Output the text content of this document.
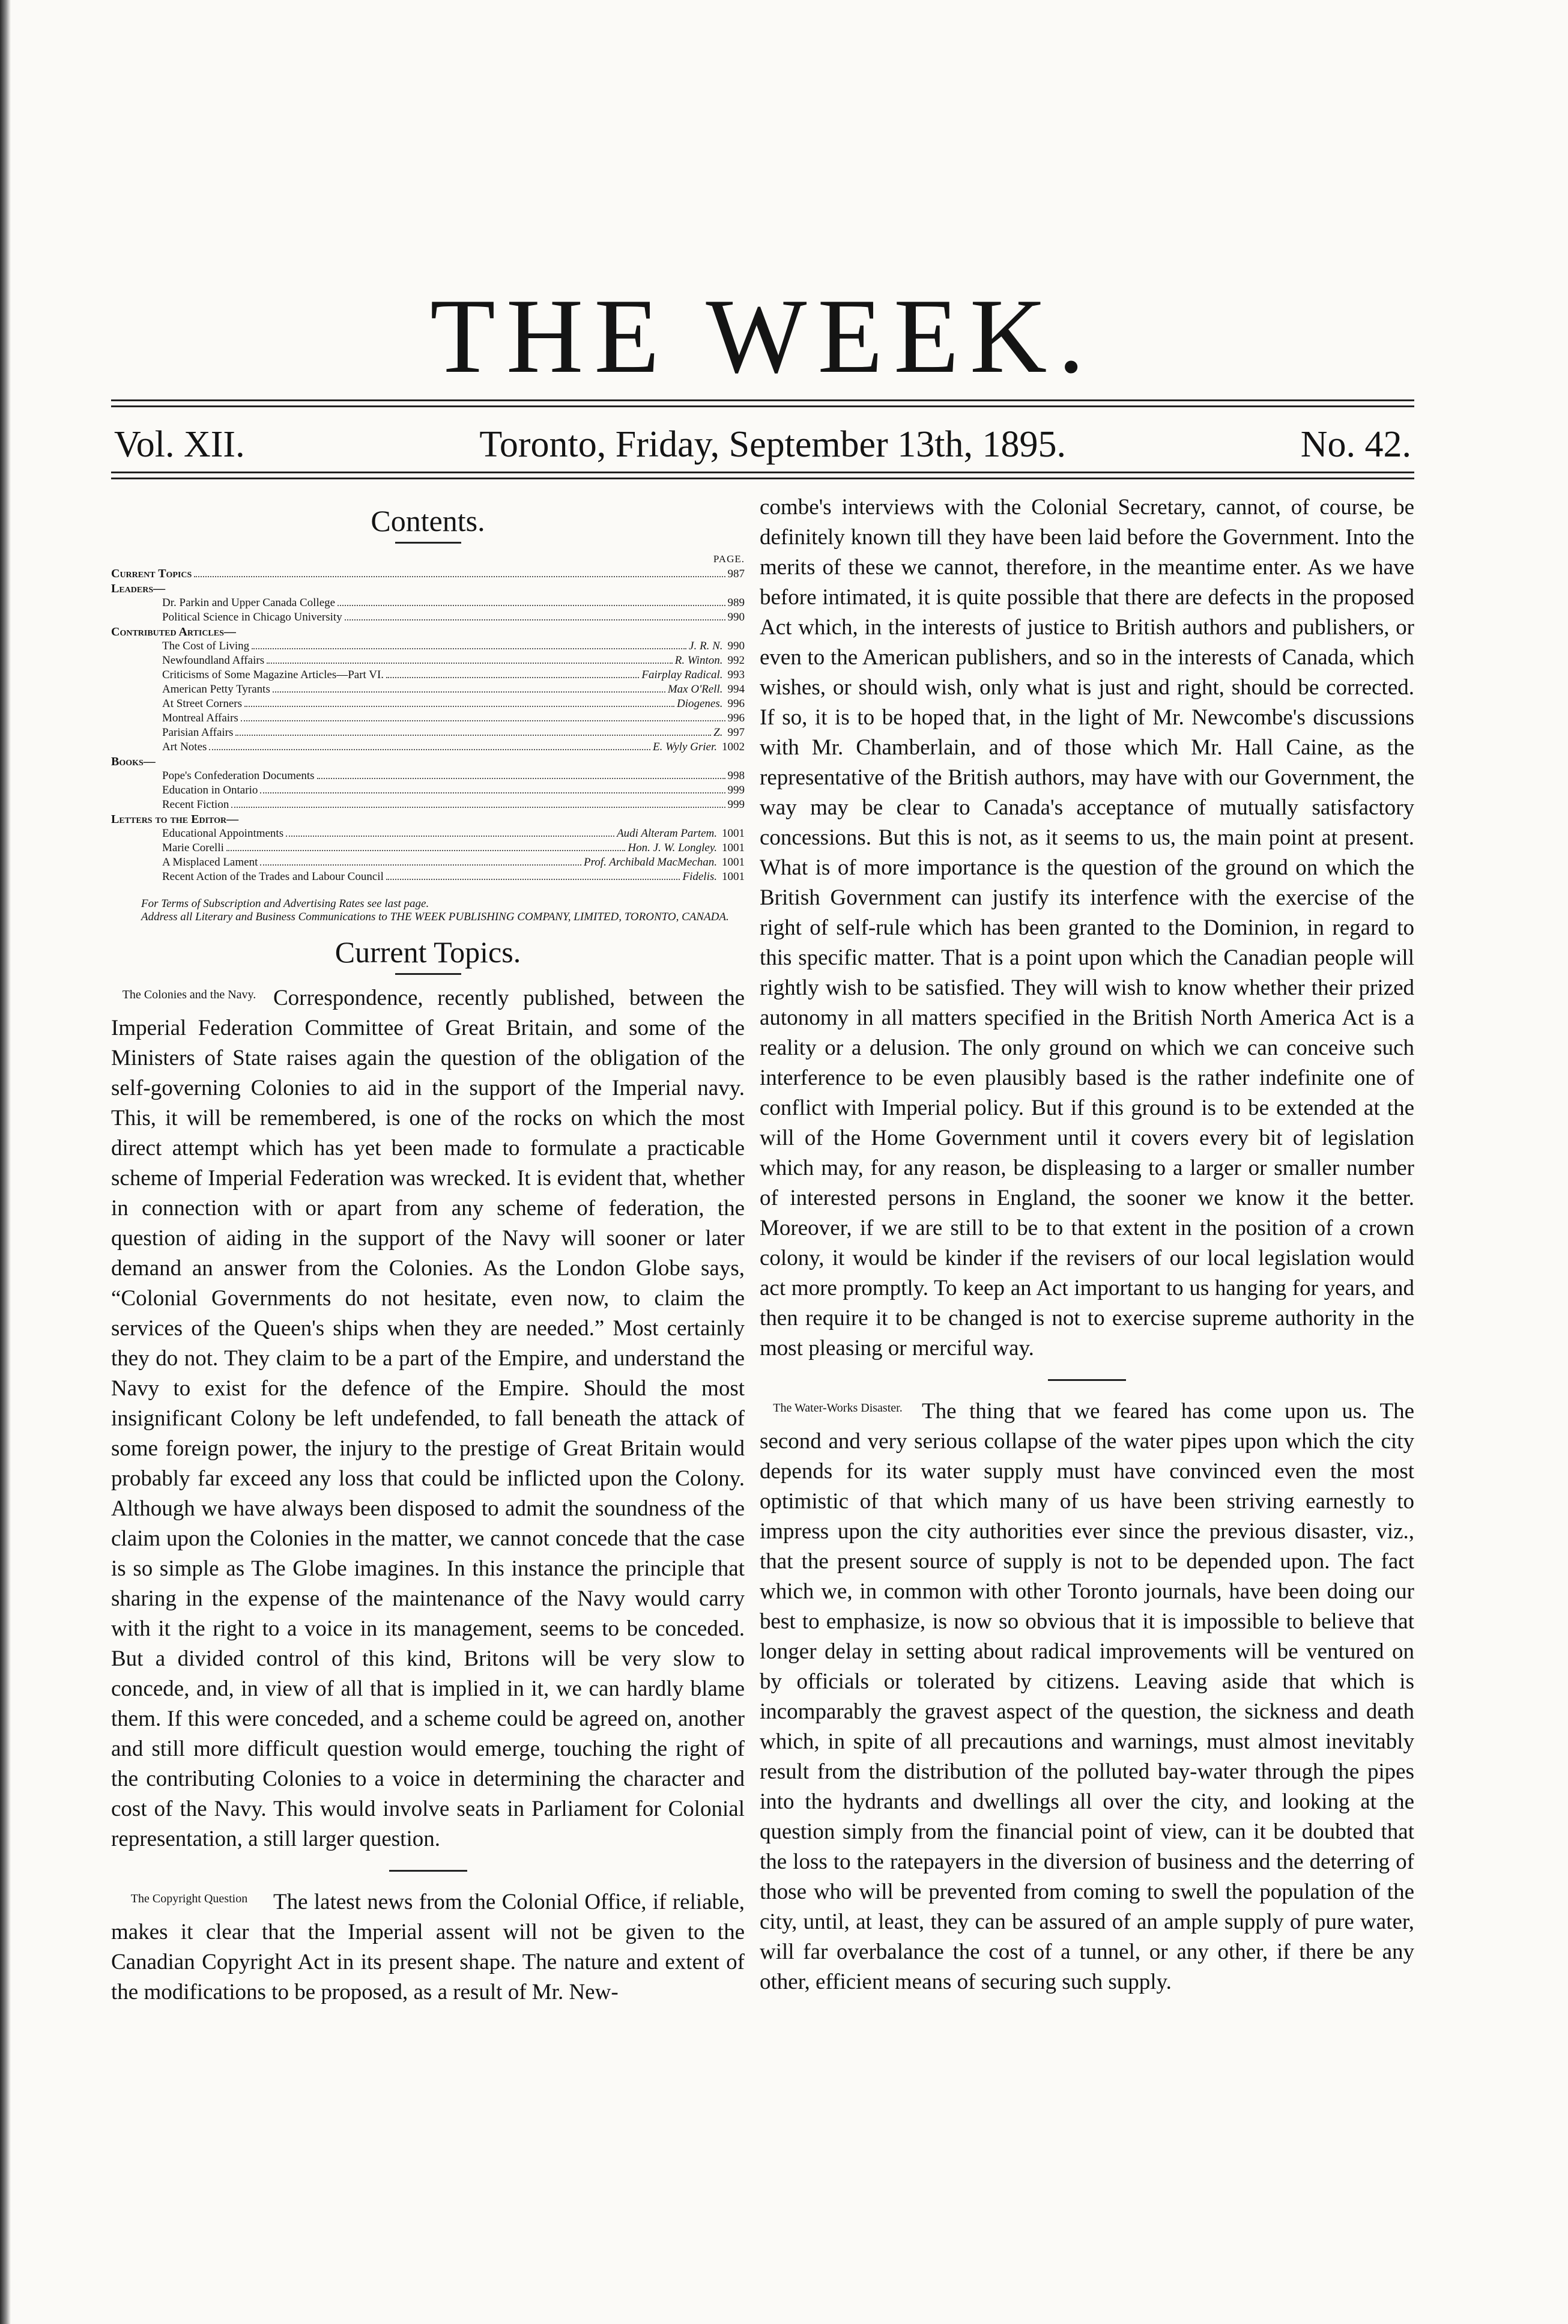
THE WEEK.
Vol. XII.	Toronto, Friday, September 13th, 1895.	No. 42.
Contents.
PAGE.
Current Topics	987
Leaders—
Dr. Parkin and Upper Canada College	989
Political Science in Chicago University	990
Contributed Articles—
The Cost of Living	J. R. N. 990
Newfoundland Affairs	R. Winton. 992
Criticisms of Some Magazine Articles—Part VI.	Fairplay Radical. 993
American Petty Tyrants	Max O'Rell. 994
At Street Corners	Diogenes. 996
Montreal Affairs	996
Parisian Affairs	Z. 997
Art Notes	E. Wyly Grier. 1002
Books—
Pope's Confederation Documents	998
Education in Ontario	999
Recent Fiction	999
Letters to the Editor—
Educational Appointments	Audi Alteram Partem. 1001
Marie Corelli	Hon. J. W. Longley. 1001
A Misplaced Lament	Prof. Archibald MacMechan. 1001
Recent Action of the Trades and Labour Council	Fidelis. 1001
For Terms of Subscription and Advertising Rates see last page.
Address all Literary and Business Communications to THE WEEK PUBLISHING COMPANY, LIMITED, TORONTO, CANADA.
Current Topics.
The Colonies and the Navy. Correspondence, recently published, between the Imperial Federation Committee of Great Britain, and some of the Ministers of State raises again the question of the obligation of the self-governing Colonies to aid in the support of the Imperial navy. This, it will be remembered, is one of the rocks on which the most direct attempt which has yet been made to formulate a practicable scheme of Imperial Federation was wrecked. It is evident that, whether in connection with or apart from any scheme of federation, the question of aiding in the support of the Navy will sooner or later demand an answer from the Colonies. As the London Globe says, “Colonial Governments do not hesitate, even now, to claim the services of the Queen's ships when they are needed.” Most certainly they do not. They claim to be a part of the Empire, and understand the Navy to exist for the defence of the Empire. Should the most insignificant Colony be left undefended, to fall beneath the attack of some foreign power, the injury to the prestige of Great Britain would probably far exceed any loss that could be inflicted upon the Colony. Although we have always been disposed to admit the soundness of the claim upon the Colonies in the matter, we cannot concede that the case is so simple as The Globe imagines. In this instance the principle that sharing in the expense of the maintenance of the Navy would carry with it the right to a voice in its management, seems to be conceded. But a divided control of this kind, Britons will be very slow to concede, and, in view of all that is implied in it, we can hardly blame them. If this were conceded, and a scheme could be agreed on, another and still more difficult question would emerge, touching the right of the contributing Colonies to a voice in determining the character and cost of the Navy. This would involve seats in Parliament for Colonial representation, a still larger question.

The Copyright Question	The latest news from the Colonial Office, if reliable, makes it clear that the Imperial assent will not be given to the Canadian Copyright Act in its present shape. The nature and extent of the modifications to be proposed, as a result of Mr. New-

combe's interviews with the Colonial Secretary, cannot, of course, be definitely known till they have been laid before the Government. Into the merits of these we cannot, therefore, in the meantime enter. As we have before intimated, it is quite possible that there are defects in the proposed Act which, in the interests of justice to British authors and publishers, or even to the American publishers, and so in the interests of Canada, which wishes, or should wish, only what is just and right, should be corrected. If so, it is to be hoped that, in the light of Mr. Newcombe's discussions with Mr. Chamberlain, and of those which Mr. Hall Caine, as the representative of the British authors, may have with our Government, the way may be clear to Canada's acceptance of mutually satisfactory concessions. But this is not, as it seems to us, the main point at present. What is of more importance is the question of the ground on which the British Government can justify its interfence with the exercise of the right of self-rule which has been granted to the Dominion, in regard to this specific matter. That is a point upon which the Canadian people will rightly wish to be satisfied. They will wish to know whether their prized autonomy in all matters specified in the British North America Act is a reality or a delusion. The only ground on which we can conceive such interference to be even plausibly based is the rather indefinite one of conflict with Imperial policy. But if this ground is to be extended at the will of the Home Government until it covers every bit of legislation which may, for any reason, be displeasing to a larger or smaller number of interested persons in England, the sooner we know it the better. Moreover, if we are still to be to that extent in the position of a crown colony, it would be kinder if the revisers of our local legislation would act more promptly. To keep an Act important to us hanging for years, and then require it to be changed is not to exercise supreme authority in the most pleasing or merciful way.

The Water-Works Disaster. The thing that we feared has come upon us. The second and very serious collapse of the water pipes upon which the city depends for its water supply must have convinced even the most optimistic of that which many of us have been striving earnestly to impress upon the city authorities ever since the previous disaster, viz., that the present source of supply is not to be depended upon. The fact which we, in common with other Toronto journals, have been doing our best to emphasize, is now so obvious that it is impossible to believe that longer delay in setting about radical improvements will be ventured on by officials or tolerated by citizens. Leaving aside that which is incomparably the gravest aspect of the question, the sickness and death which, in spite of all precautions and warnings, must almost inevitably result from the distribution of the polluted bay-water through the pipes into the hydrants and dwellings all over the city, and looking at the question simply from the financial point of view, can it be doubted that the loss to the ratepayers in the diversion of business and the deterring of those who will be prevented from coming to swell the population of the city, until, at least, they can be assured of an ample supply of pure water, will far overbalance the cost of a tunnel, or any other, if there be any other, efficient means of securing such supply.
